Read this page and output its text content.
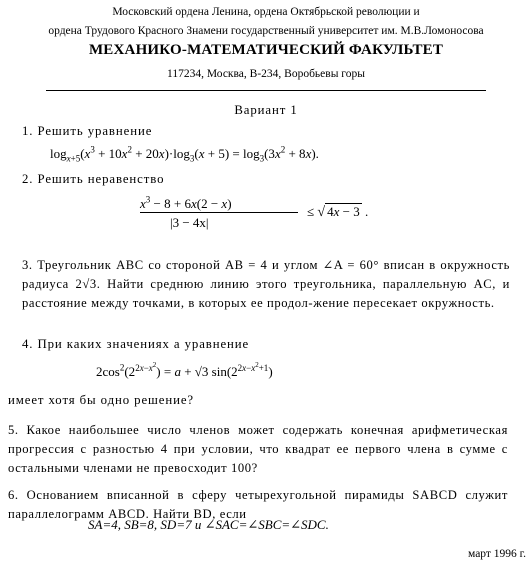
Московский ордена Ленина, ордена Октябрьской революции и
ордена Трудового Красного Знамени государственный университет им. М.В.Ломоносова
МЕХАНИКО-МАТЕМАТИЧЕСКИЙ ФАКУЛЬТЕТ
117234, Москва, В-234, Воробьевы горы
Вариант 1
1. Решить уравнение
$\log_{x+5}(x^3 + 10x^2 + 20x)\cdot\log_3(x + 5) = \log_3(3x^2 + 8x)$.
2. Решить неравенство
$x^3 - 8 + 6x(2 - x)$
|3 − 4x|
≤ √ 4x − 3 .
3. Треугольник ABC со стороной AB = 4 и углом ∠A = 60° вписан в окружность радиуса 2√3. Найти среднюю линию этого треугольника, параллельную AC, и расстояние между точками, в которых ее продол-жение пересекает окружность.
4. При каких значениях a уравнение
$2\cos^2(2^{2x-x^2}) = a + √3$ $\sin(2^{2x-x^2+1})$
имеет хотя бы одно решение?
5. Какое наибольшее число членов может содержать конечная арифметическая прогрессия с разностью 4 при условии, что квадрат ее первого члена в сумме с остальными членами не превосходит 100?
6. Основанием вписанной в сферу четырехугольной пирамиды SABCD служит параллелограмм ABCD. Найти BD, если
SA=4, SB=8, SD=7 и ∠SAC=∠SBC=∠SDC.
март 1996 г.
